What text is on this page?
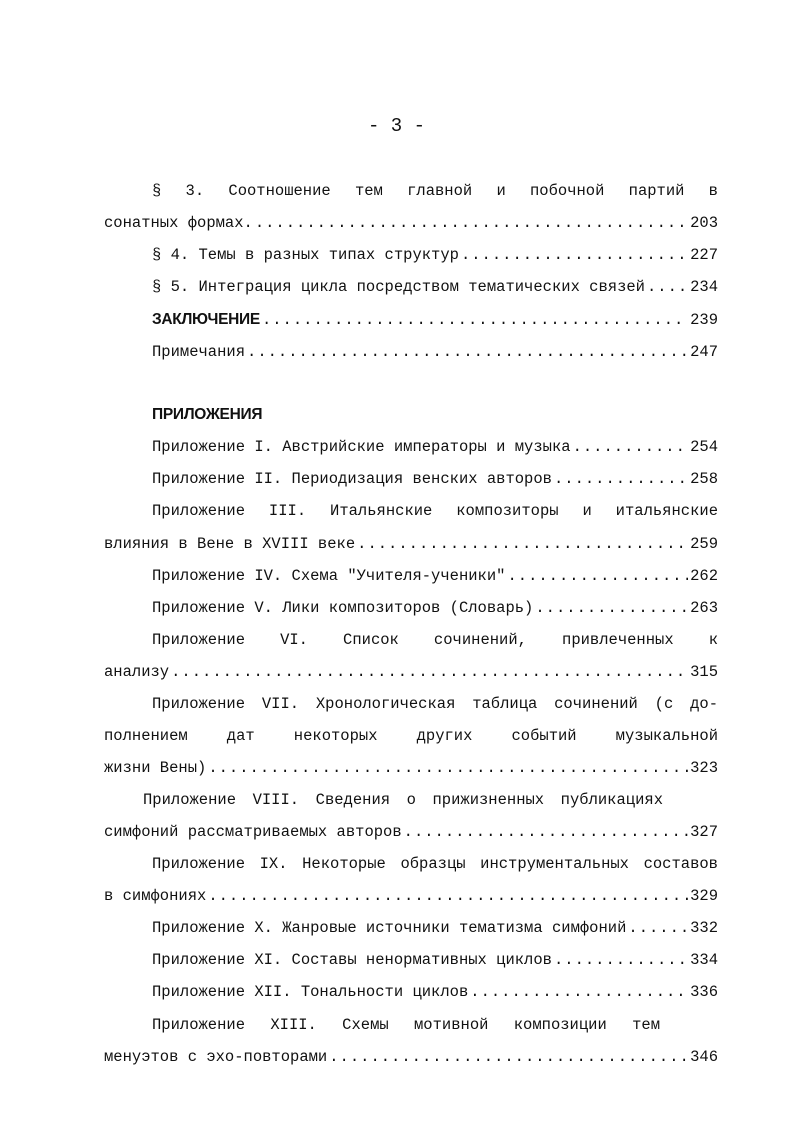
- 3 -
§ 3. Соотношение тем главной и побочной партий в
сонатных формах. .....	203
§ 4. Темы в разных типах структур .....	227
§ 5. Интеграция цикла посредством тематических связей .....	234
ЗАКЛЮЧЕНИЕ .....	239
Примечания .....	247
ПРИЛОЖЕНИЯ
Приложение I. Австрийские императоры и музыка .....	254
Приложение II. Периодизация венских авторов .....	258
Приложение III. Итальянские композиторы и итальянские
влияния в Вене в XVIII веке .....	259
Приложение IV. Схема "Учителя-ученики" .....	262
Приложение V. Лики композиторов (Словарь) .....	263
Приложение VI. Список сочинений, привлеченных к
анализу .....	315
Приложение VII. Хронологическая таблица сочинений (с до-
полнением дат некоторых других событий музыкальной
жизни Вены) .....	323
Приложение VIII. Сведения о прижизненных публикациях
симфоний рассматриваемых авторов .....	327
Приложение IX. Некоторые образцы инструментальных составов
в симфониях .....	329
Приложение X. Жанровые источники тематизма симфоний .....	332
Приложение XI. Составы ненормативных циклов .....	334
Приложение XII. Тональности циклов .....	336
Приложение XIII. Схемы мотивной композиции тем
менуэтов с эхо-повторами .....	346
